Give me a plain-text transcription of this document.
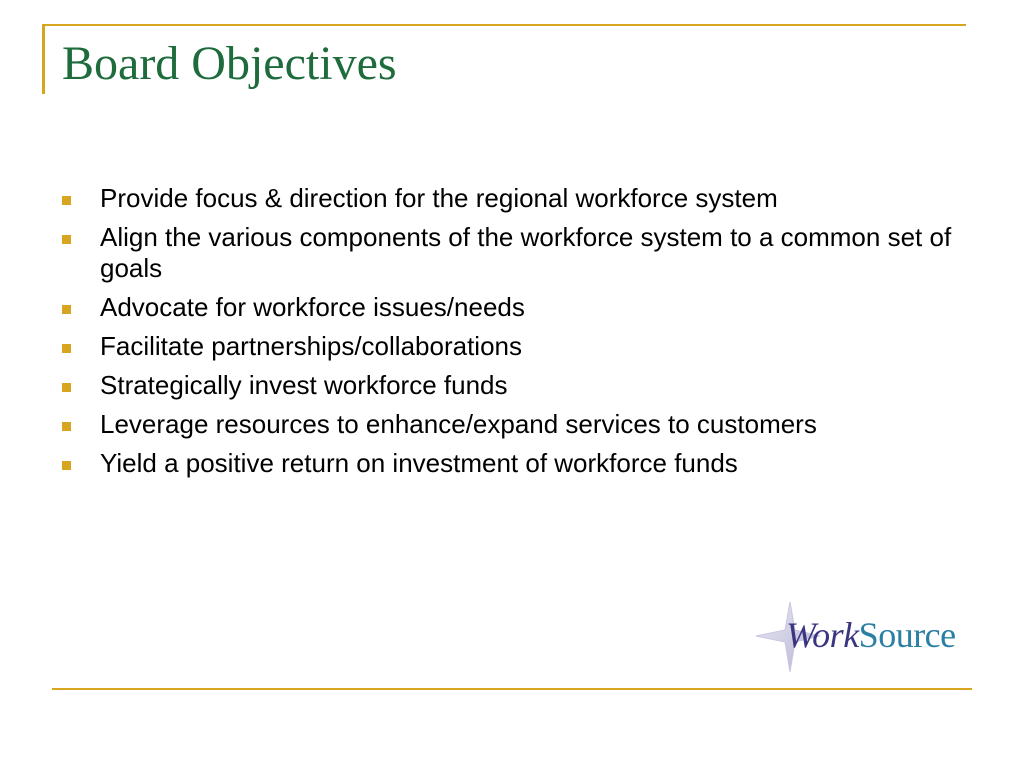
Board Objectives
Provide focus & direction for the regional workforce system
Align the various components of the workforce system to a common set of goals
Advocate for workforce issues/needs
Facilitate partnerships/collaborations
Strategically invest workforce funds
Leverage resources to enhance/expand services to customers
Yield a positive return on investment of workforce funds
WorkSource
